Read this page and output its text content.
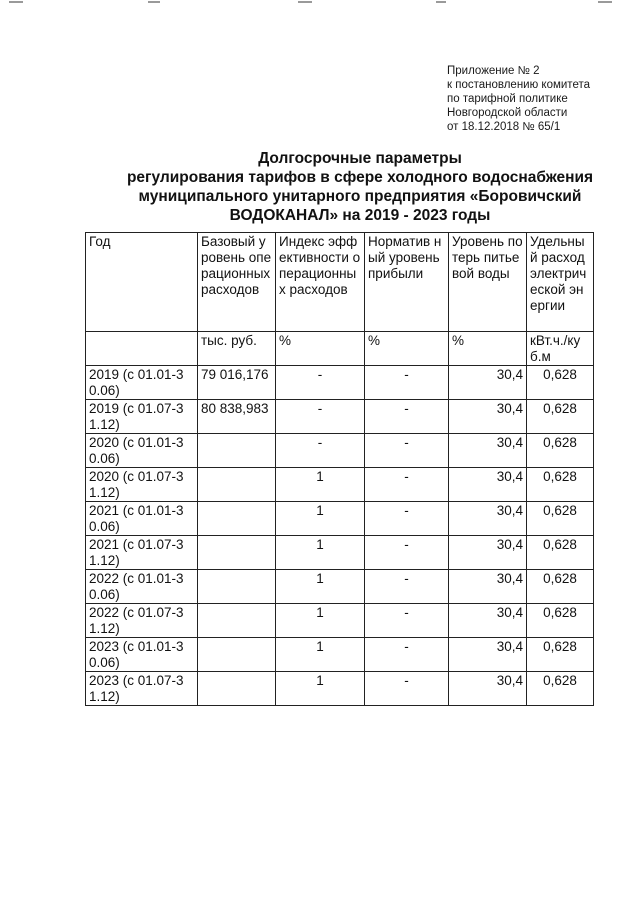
Приложение № 2
к постановлению комитета
по тарифной политике
Новгородской области
от 18.12.2018 № 65/1
Долгосрочные параметры
регулирования тарифов в сфере холодного водоснабжения
муниципального унитарного предприятия «Боровичский
ВОДОКАНАЛ» на 2019 - 2023 годы
Год	Базовый уровень операционных расходов	Индекс эффективности операционных расходов	Норматив ный уровень прибыли	Уровень потерь питьевой воды	Удельный расход электрической энергии
	тыс. руб.	%	%	%	кВт.ч./куб.м
2019 (с 01.01-30.06)	79 016,176	-	-	30,4	0,628
2019 (с 01.07-31.12)	80 838,983	-	-	30,4	0,628
2020 (с 01.01-30.06)		-	-	30,4	0,628
2020 (с 01.07-31.12)		1	-	30,4	0,628
2021 (с 01.01-30.06)		1	-	30,4	0,628
2021 (с 01.07-31.12)		1	-	30,4	0,628
2022 (с 01.01-30.06)		1	-	30,4	0,628
2022 (с 01.07-31.12)		1	-	30,4	0,628
2023 (с 01.01-30.06)		1	-	30,4	0,628
2023 (с 01.07-31.12)		1	-	30,4	0,628
